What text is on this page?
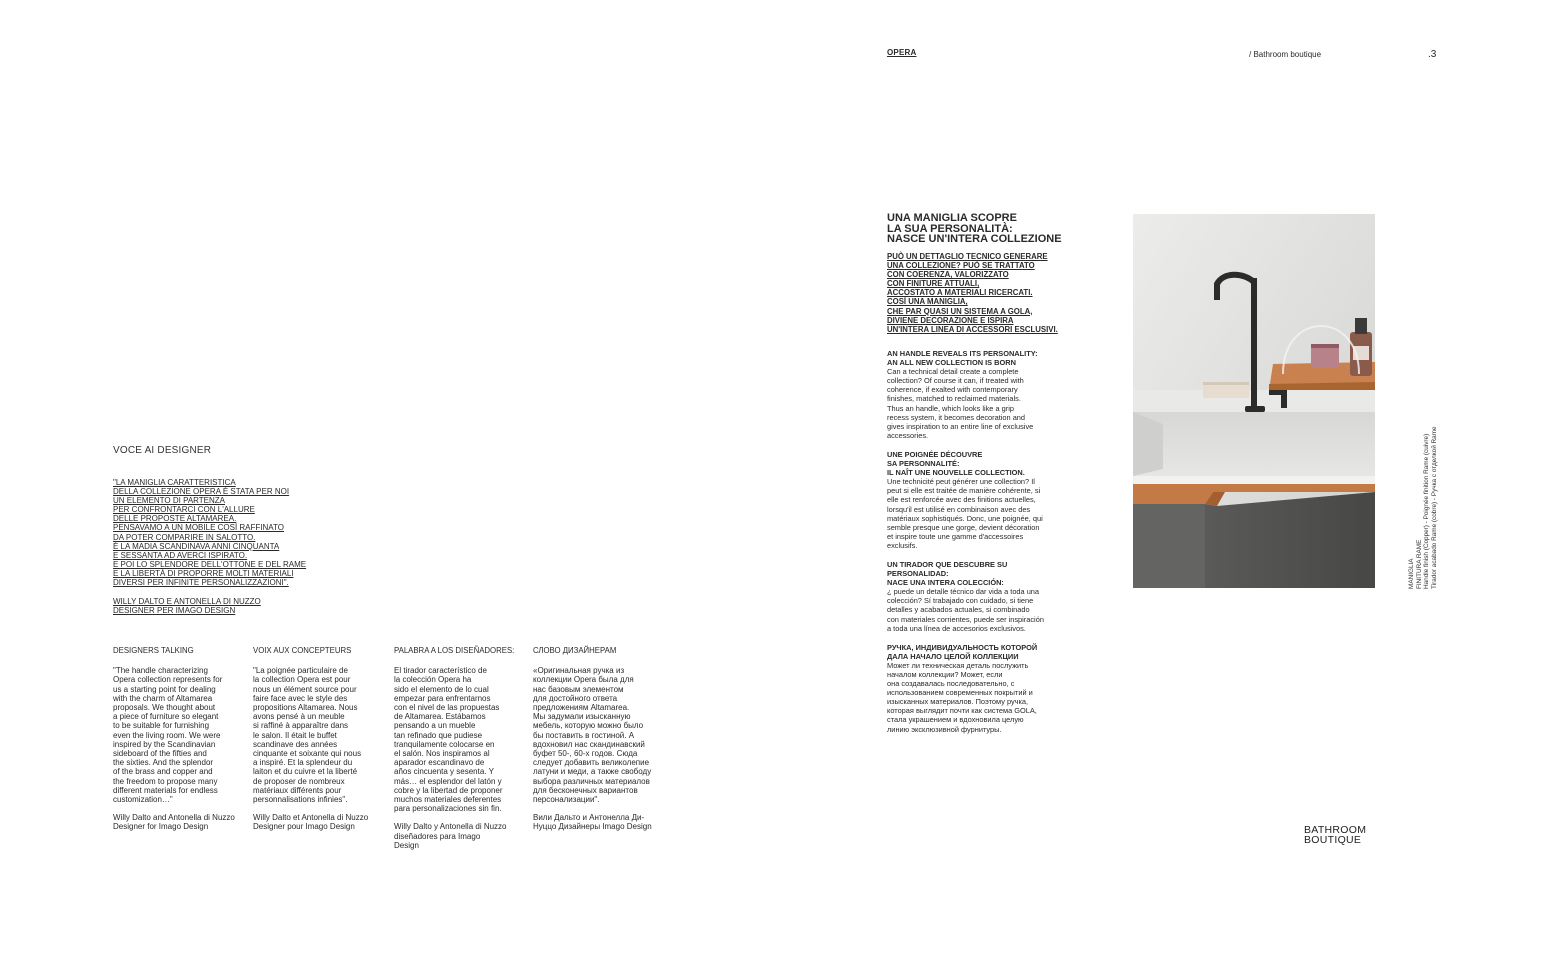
OPERA	/ Bathroom boutique	.3
VOCE AI DESIGNER
"LA MANIGLIA CARATTERISTICA
DELLA COLLEZIONE OPERA È STATA PER NOI
UN ELEMENTO DI PARTENZA
PER CONFRONTARCI CON L'ALLURE
DELLE PROPOSTE ALTAMAREA.
PENSAVAMO A UN MOBILE COSÌ RAFFINATO
DA POTER COMPARIRE IN SALOTTO.
È LA MADIA SCANDINAVA ANNI CINQUANTA
E SESSANTA AD AVERCI ISPIRATO.
E POI LO SPLENDORE DELL'OTTONE E DEL RAME
E LA LIBERTÀ DI PROPORRE MOLTI MATERIALI
DIVERSI PER INFINITE PERSONALIZZAZIONI".
WILLY DALTO E ANTONELLA DI NUZZO
DESIGNER PER IMAGO DESIGN
DESIGNERS TALKING
"The handle characterizing
Opera collection represents for
us a starting point for dealing
with the charm of Altamarea
proposals. We thought about
a piece of furniture so elegant
to be suitable for furnishing
even the living room. We were
inspired by the Scandinavian
sideboard of the fifties and
the sixties. And the splendor
of the brass and copper and
the freedom to propose many
different materials for endless
customization…"
Willy Dalto and Antonella di Nuzzo
Designer for Imago Design
VOIX AUX CONCEPTEURS
"La poignée particulaire de
la collection Opera est pour
nous un élément source pour
faire face avec le style des
propositions Altamarea. Nous
avons pensé à un meuble
si raffiné à apparaître dans
le salon. Il était le buffet
scandinave des années
cinquante et soixante qui nous
a inspiré. Et la splendeur du
laiton et du cuivre et la liberté
de proposer de nombreux
matériaux différents pour
personnalisations infinies".
Willy Dalto et Antonella di Nuzzo
Designer pour Imago Design
PALABRA A LOS DISEÑADORES:
El tirador característico de
la colección Opera ha
sido el elemento de lo cual
empezar para enfrentarnos
con el nivel de las propuestas
de Altamarea. Estábamos
pensando a un mueble
tan refinado que pudiese
tranquilamente colocarse en
el salón. Nos inspiramos al
aparador escandinavo de
años cincuenta y sesenta. Y
más… el esplendor del latón y
cobre y la libertad de proponer
muchos materiales deferentes
para personalizaciones sin fin.
Willy Dalto y Antonella di Nuzzo
diseñadores para Imago
Design
СЛОВО ДИЗАЙНЕРАМ
«Оригинальная ручка из
коллекции Opera была для
нас базовым элементом
для достойного ответа
предложениям Altamarea.
Мы задумали изысканную
мебель, которую можно было
бы поставить в гостиной. А
вдохновил нас скандинавский
буфет 50-, 60-х годов. Сюда
следует добавить великолепие
латуни и меди, а также свободу
выбора различных материалов
для бесконечных вариантов
персонализации".
Вили Дальто и Антонелла Ди-
Нуццо Дизайнеры Imago Design
UNA MANIGLIA SCOPRE
LA SUA PERSONALITÀ:
NASCE UN'INTERA COLLEZIONE
PUÒ UN DETTAGLIO TECNICO GENERARE
UNA COLLEZIONE? PUÒ SE TRATTATO
CON COERENZA, VALORIZZATO
CON FINITURE ATTUALI,
ACCOSTATO A MATERIALI RICERCATI.
COSÌ UNA MANIGLIA,
CHE PAR QUASI UN SISTEMA A GOLA,
DIVIENE DECORAZIONE E ISPIRA
UN'INTERA LINEA DI ACCESSORI ESCLUSIVI.
AN HANDLE REVEALS ITS PERSONALITY:
AN ALL NEW COLLECTION IS BORN
Can a technical detail create a complete
collection? Of course it can, if treated with
coherence, if exalted with contemporary
finishes, matched to reclaimed materials.
Thus an handle, which looks like a grip
recess system, it becomes decoration and
gives inspiration to an entire line of exclusive
accessories.
UNE POIGNÉE DÉCOUVRE
SA PERSONNALITÉ:
IL NAÎT UNE NOUVELLE COLLECTION.
Une technicité peut générer une collection? Il
peut si elle est traitée de manière cohérente, si
elle est renforcée avec des finitions actuelles,
lorsqu'il est utilisé en combinaison avec des
matériaux sophistiqués. Donc, une poignée, qui
semble presque une gorge, devient décoration
et inspire toute une gamme d'accessoires
exclusifs.
UN TIRADOR QUE DESCUBRE SU
PERSONALIDAD:
NACE UNA INTERA COLECCIÓN:
¿ puede un detalle técnico dar vida a toda una
colección? Sí trabajado con cuidado, si tiene
detalles y acabados actuales, si combinado
con materiales corrientes, puede ser inspiración
a toda una línea de accesorios exclusivos.
РУЧКА, ИНДИВИДУАЛЬНОСТЬ КОТОРОЙ
ДАЛА НАЧАЛО ЦЕЛОЙ КОЛЛЕКЦИИ
Может ли техническая деталь послужить
началом коллекции? Может, если
она создавалась последовательно, с
использованием современных покрытий и
изысканных материалов. Поэтому ручка,
которая выглядит почти как система GOLA,
стала украшением и вдохновила целую
линию эксклюзивной фурнитуры.
MANIGLIA
FINITURA RAME Handle finish (Copper) - Poignée finition Rame (cuivre) Tirador acabado Rame (cobre) - Ручка с отделкой Rame
BATHROOM
BOUTIQUE
